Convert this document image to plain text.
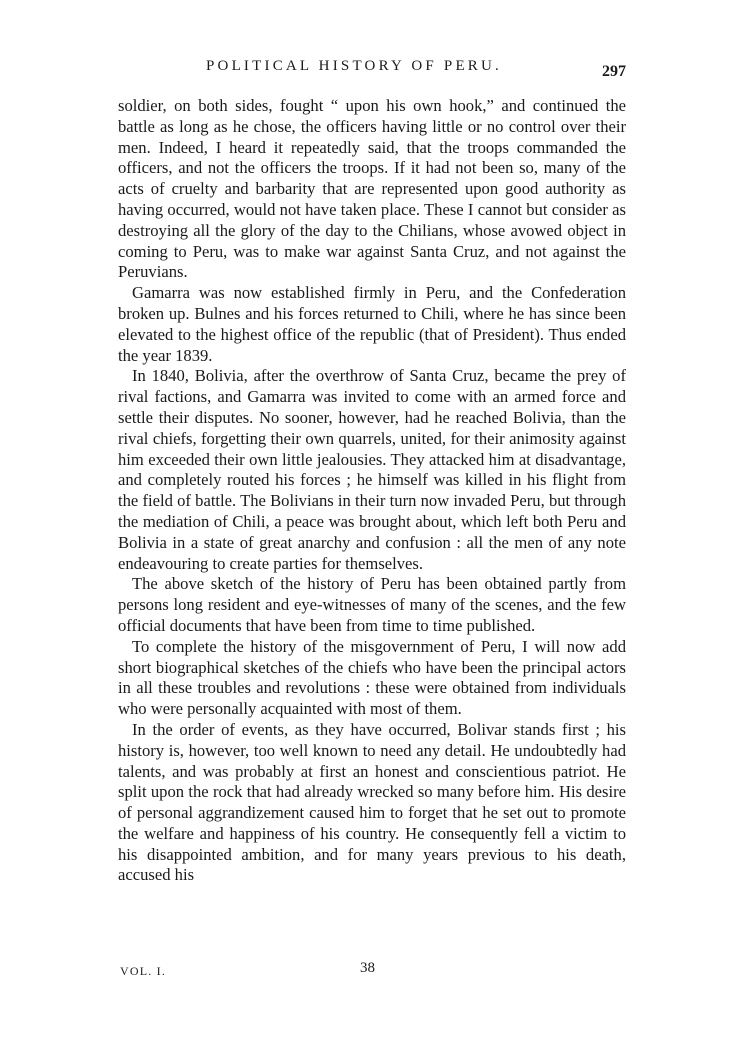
POLITICAL HISTORY OF PERU.	297

soldier, on both sides, fought “ upon his own hook,” and continued the battle as long as he chose, the officers having little or no control over their men. Indeed, I heard it repeatedly said, that the troops commanded the officers, and not the officers the troops. If it had not been so, many of the acts of cruelty and barbarity that are represented upon good authority as having occurred, would not have taken place. These I cannot but consider as destroying all the glory of the day to the Chilians, whose avowed object in coming to Peru, was to make war against Santa Cruz, and not against the Peruvians.

Gamarra was now established firmly in Peru, and the Confederation broken up. Bulnes and his forces returned to Chili, where he has since been elevated to the highest office of the republic (that of President). Thus ended the year 1839.

In 1840, Bolivia, after the overthrow of Santa Cruz, became the prey of rival factions, and Gamarra was invited to come with an armed force and settle their disputes. No sooner, however, had he reached Bolivia, than the rival chiefs, forgetting their own quarrels, united, for their animosity against him exceeded their own little jealousies. They attacked him at disadvantage, and completely routed his forces ; he himself was killed in his flight from the field of battle. The Bolivians in their turn now invaded Peru, but through the mediation of Chili, a peace was brought about, which left both Peru and Bolivia in a state of great anarchy and confusion : all the men of any note endeavouring to create parties for themselves.

The above sketch of the history of Peru has been obtained partly from persons long resident and eye-witnesses of many of the scenes, and the few official documents that have been from time to time published.

To complete the history of the misgovernment of Peru, I will now add short biographical sketches of the chiefs who have been the principal actors in all these troubles and revolutions : these were obtained from individuals who were personally acquainted with most of them.

In the order of events, as they have occurred, Bolivar stands first ; his history is, however, too well known to need any detail. He undoubtedly had talents, and was probably at first an honest and conscientious patriot. He split upon the rock that had already wrecked so many before him. His desire of personal aggrandizement caused him to forget that he set out to promote the welfare and happiness of his country. He consequently fell a victim to his disappointed ambition, and for many years previous to his death, accused his

VOL. I.	38
